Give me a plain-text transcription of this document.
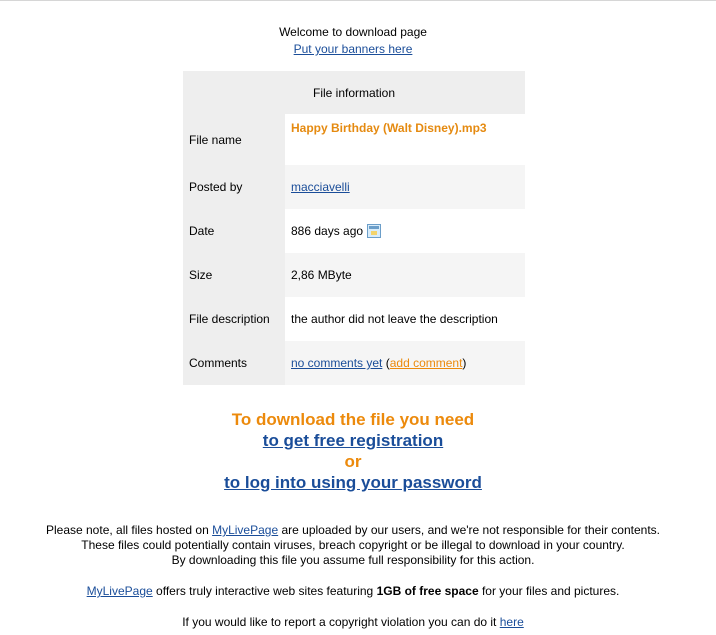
Welcome to download page
Put your banners here
File information	
File name	Happy Birthday (Walt Disney).mp3
Posted by	macciavelli
Date	886 days ago
Size	2,86 MByte
File description	the author did not leave the description
Comments	no comments yet (add comment)
To download the file you need
to get free registration
or
to log into using your password
Please note, all files hosted on MyLivePage are uploaded by our users, and we're not responsible for their contents.
These files could potentially contain viruses, breach copyright or be illegal to download in your country.
By downloading this file you assume full responsibility for this action.
MyLivePage offers truly interactive web sites featuring 1GB of free space for your files and pictures.
If you would like to report a copyright violation you can do it here
